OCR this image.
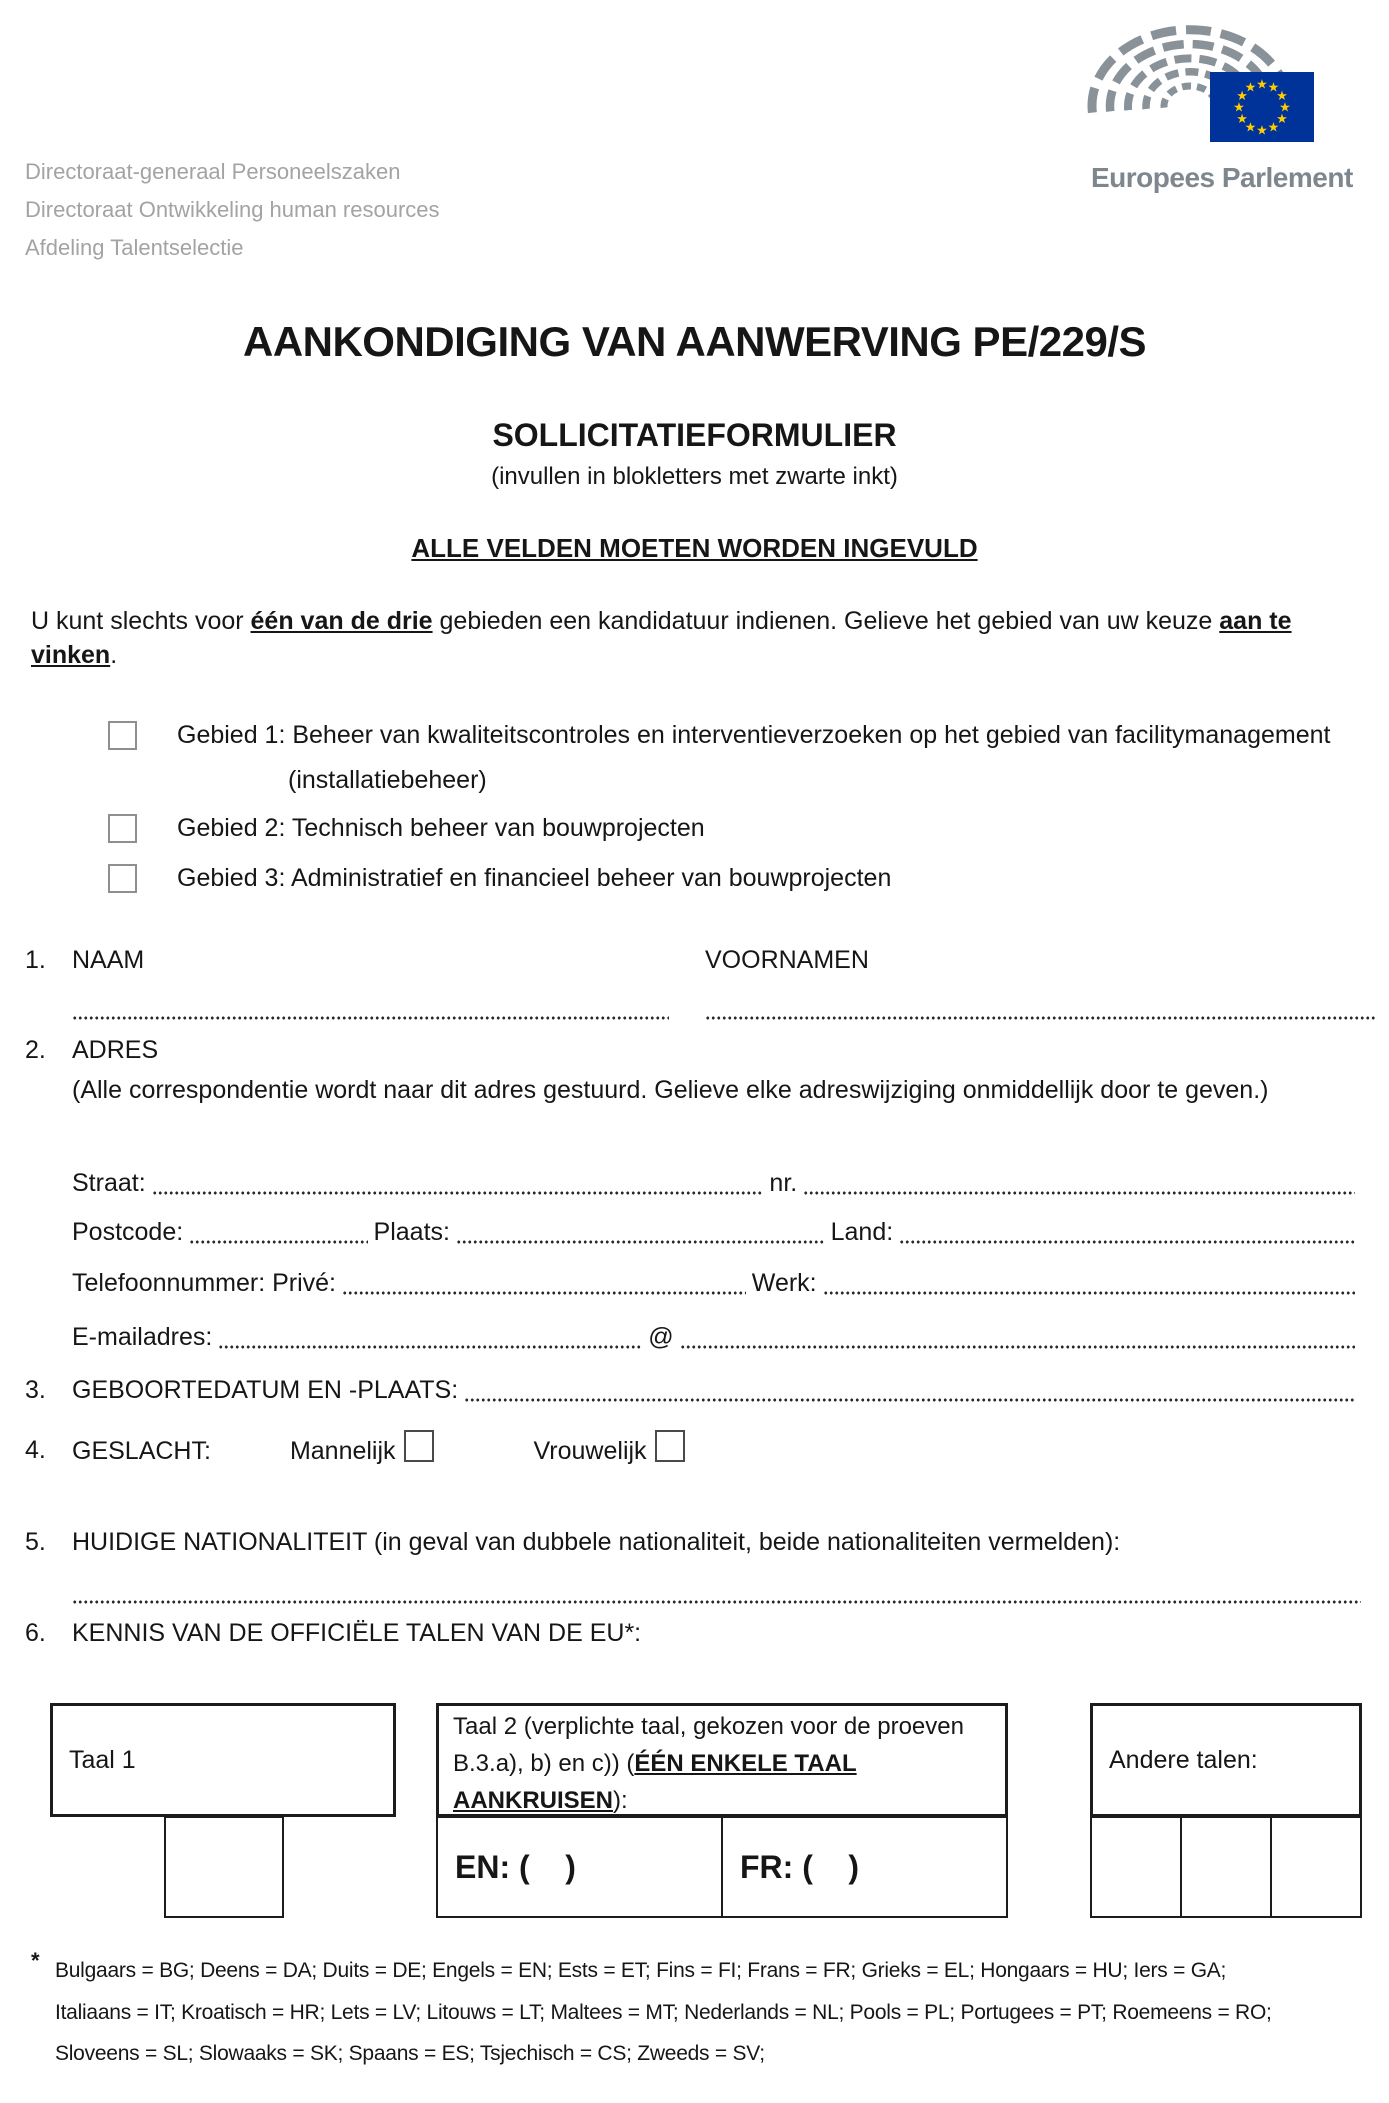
Directoraat-generaal Personeelszaken
Directoraat Ontwikkeling human resources
Afdeling Talentselectie
★ ★
★
★
★
★
★
★
★
★
★
★
Europees Parlement
AANKONDIGING VAN AANWERVING PE/229/S
SOLLICITATIEFORMULIER
(invullen in blokletters met zwarte inkt)
ALLE VELDEN MOETEN WORDEN INGEVULD
U kunt slechts voor één van de drie gebieden een kandidatuur indienen. Gelieve het gebied van uw keuze aan te
vinken.
Gebied 1: Beheer van kwaliteitscontroles en interventieverzoeken op het gebied van facilitymanagement
(installatiebeheer)
Gebied 2: Technisch beheer van bouwprojecten
Gebied 3: Administratief en financieel beheer van bouwprojecten
1. NAAM	VOORNAMEN
2. ADRES
(Alle correspondentie wordt naar dit adres gestuurd. Gelieve elke adreswijziging onmiddellijk door te geven.)
Straat:	nr.
Postcode:	Plaats:	Land:
Telefoonnummer: Privé:	Werk:
E-mailadres:	@
3.	GEBOORTEDATUM EN -PLAATS:
4. GESLACHT:	Mannelijk	Vrouwelijk
5. HUIDIGE NATIONALITEIT (in geval van dubbele nationaliteit, beide nationaliteiten vermelden):
6. KENNIS VAN DE OFFICIËLE TALEN VAN DE EU*:
Taal 1
Taal 2 (verplichte taal, gekozen voor de proeven
B.3.a), b) en c)) (ÉÉN ENKELE TAAL
AANKRUISEN):
EN: (    )	FR: (    )
Andere talen:
* Bulgaars = BG; Deens = DA; Duits = DE; Engels = EN; Ests = ET; Fins = FI; Frans = FR; Grieks = EL; Hongaars = HU; Iers = GA;
Italiaans = IT; Kroatisch = HR; Lets = LV; Litouws = LT; Maltees = MT; Nederlands = NL; Pools = PL; Portugees = PT; Roemeens = RO;
Sloveens = SL; Slowaaks = SK; Spaans = ES; Tsjechisch = CS; Zweeds = SV;
